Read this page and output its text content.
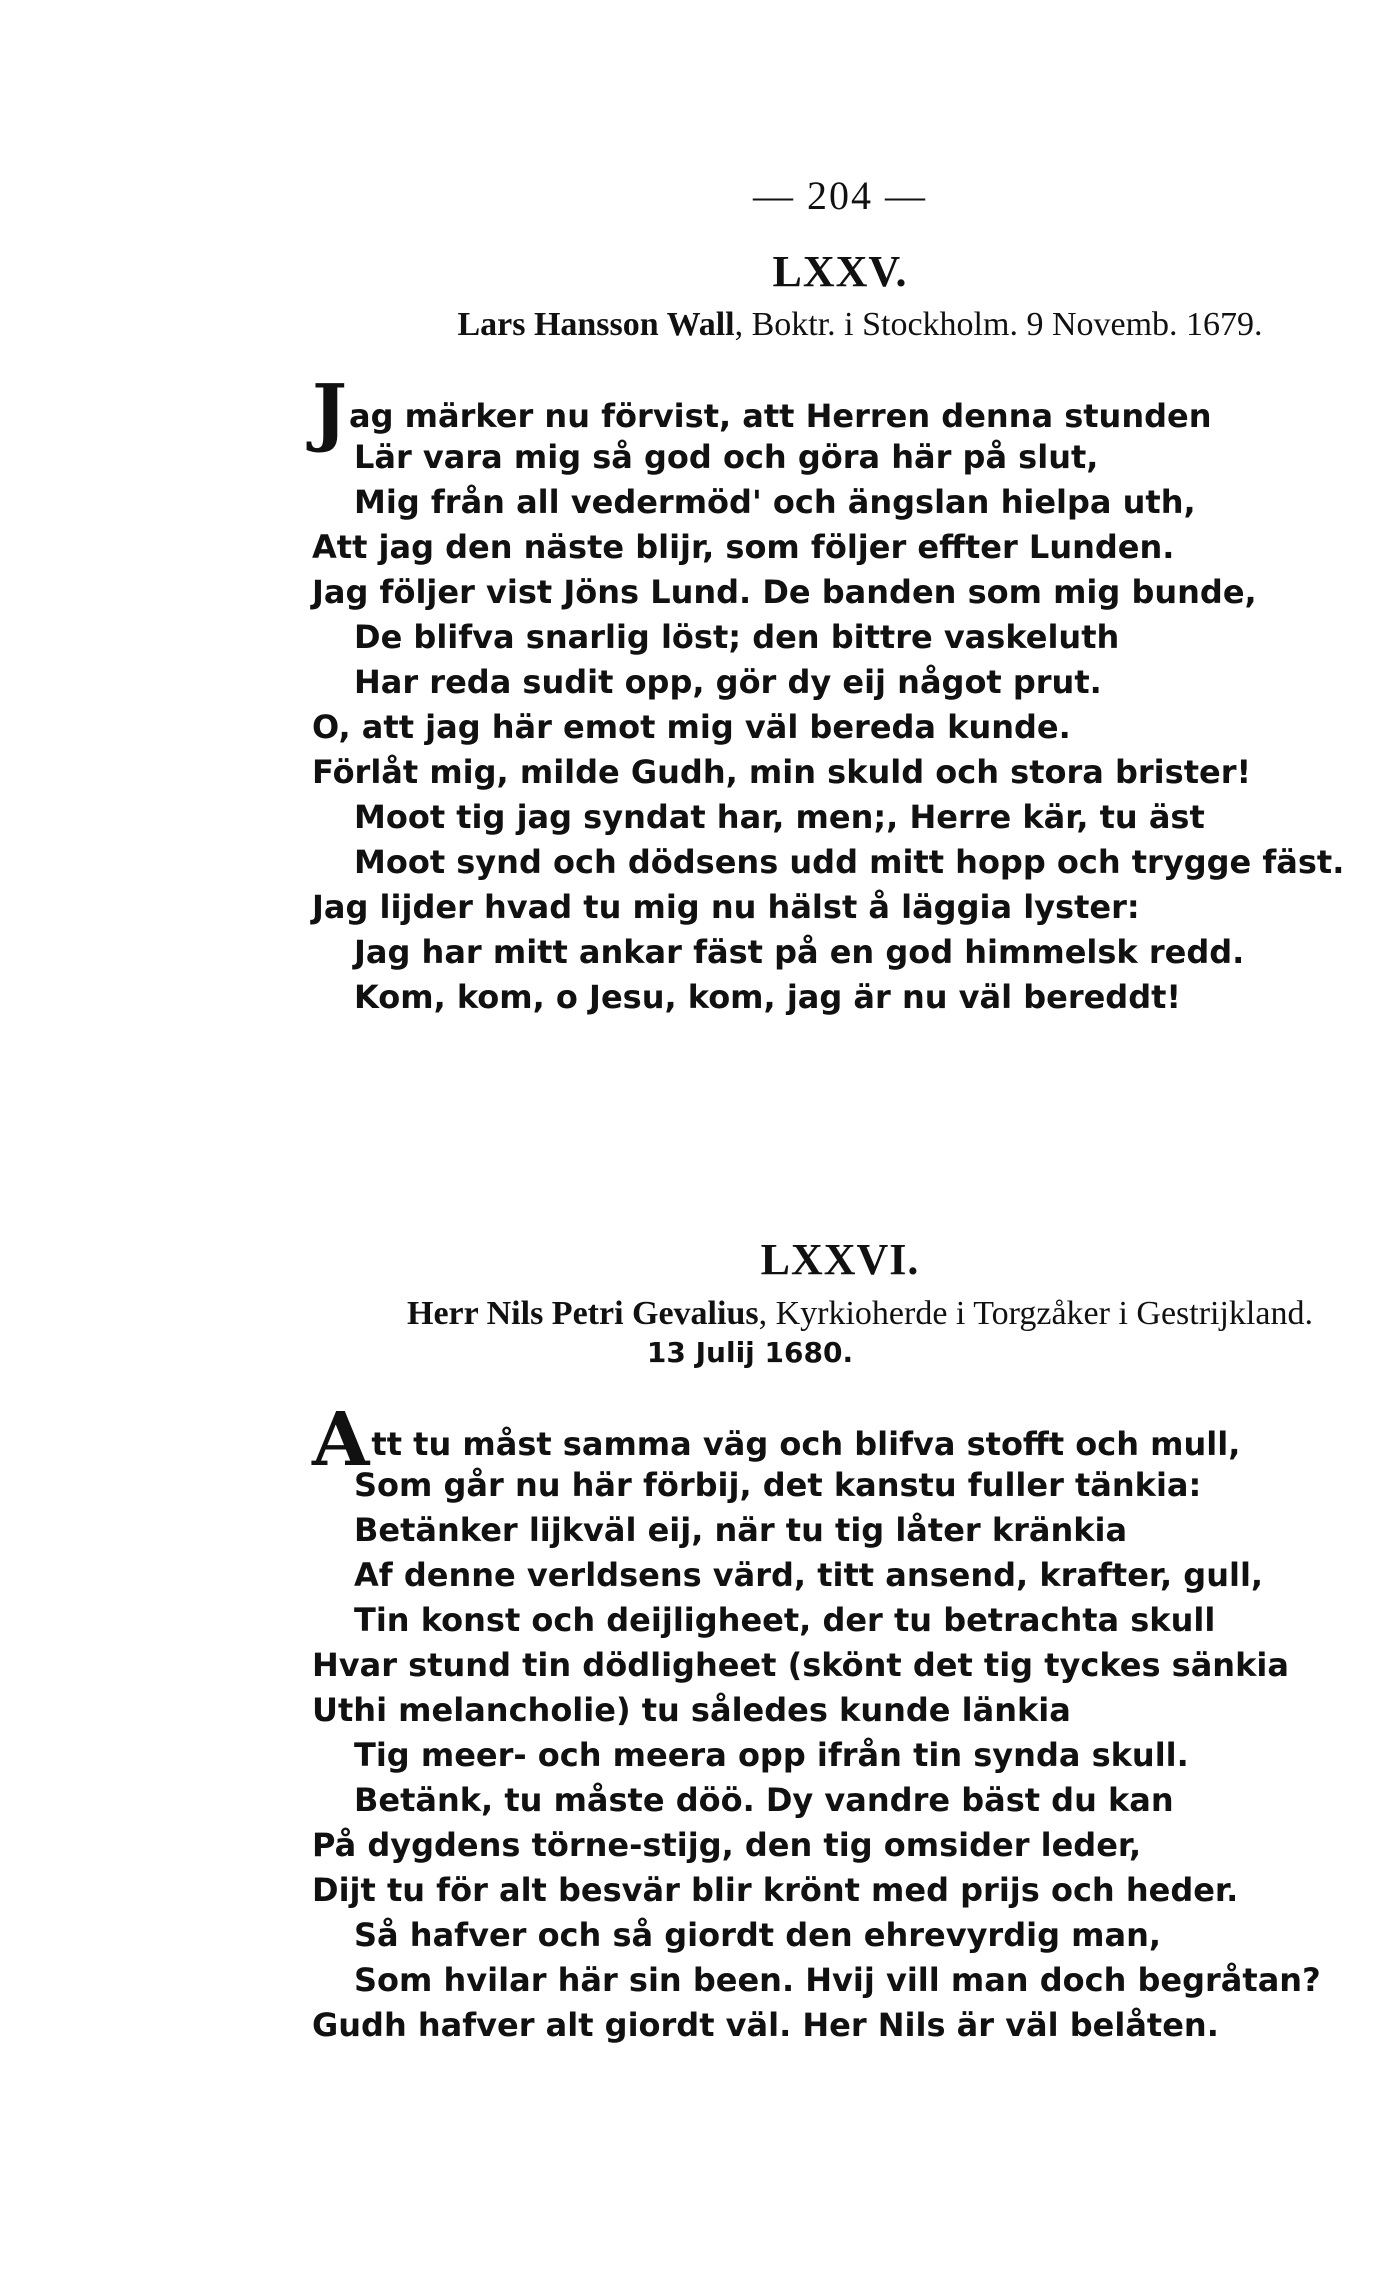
— 204 —
LXXV.
Lars Hansson Wall, Boktr. i Stockholm. 9 Novemb. 1679.
Jag märker nu förvist, att Herren denna stunden
Lär vara mig så god och göra här på slut,
Mig från all vedermöd' och ängslan hielpa uth,
Att jag den näste blijr, som följer effter Lunden.
Jag följer vist Jöns Lund. De banden som mig bunde,
De blifva snarlig löst; den bittre vaskeluth
Har reda sudit opp, gör dy eij något prut.
O, att jag här emot mig väl bereda kunde.
Förlåt mig, milde Gudh, min skuld och stora brister!
Moot tig jag syndat har, men;, Herre kär, tu äst
Moot synd och dödsens udd mitt hopp och trygge fäst.
Jag lijder hvad tu mig nu hälst å läggia lyster:
Jag har mitt ankar fäst på en god himmelsk redd.
Kom, kom, o Jesu, kom, jag är nu väl bereddt!
LXXVI.
Herr Nils Petri Gevalius, Kyrkioherde i Torgzåker i Gestrijkland.
13 Julij 1680.
Att tu måst samma väg och blifva stofft och mull,
Som går nu här förbij, det kanstu fuller tänkia:
Betänker lijkväl eij, när tu tig låter kränkia
Af denne verldsens värd, titt ansend, krafter, gull,
Tin konst och deijligheet, der tu betrachta skull
Hvar stund tin dödligheet (skönt det tig tyckes sänkia
Uthi melancholie) tu således kunde länkia
Tig meer- och meera opp ifrån tin synda skull.
Betänk, tu måste döö. Dy vandre bäst du kan
På dygdens törne-stijg, den tig omsider leder,
Dijt tu för alt besvär blir krönt med prijs och heder.
Så hafver och så giordt den ehrevyrdig man,
Som hvilar här sin been. Hvij vill man doch begråtan?
Gudh hafver alt giordt väl. Her Nils är väl belåten.
